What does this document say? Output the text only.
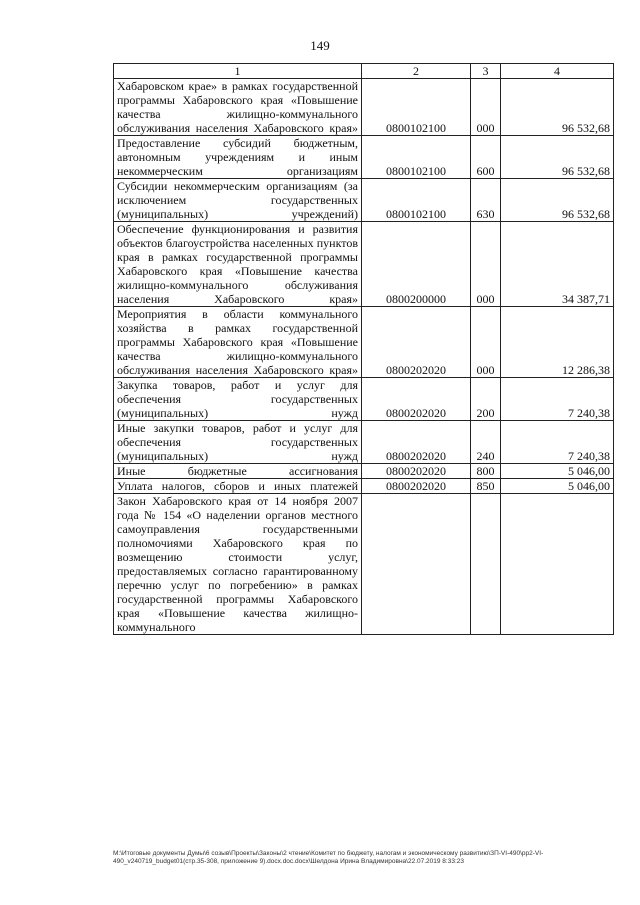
149
1	2	3	4
Хабаровском крае» в рамках государственной программы Хабаровского края «Повышение качества жилищно-коммунального обслуживания населения Хабаровского края»	0800102100	000	96 532,68
Предоставление субсидий бюджетным, автономным учреждениям и иным некоммерческим организациям	0800102100	600	96 532,68
Субсидии некоммерческим организациям (за исключением государственных (муниципальных) учреждений)	0800102100	630	96 532,68
Обеспечение функционирования и развития объектов благоустройства населенных пунктов края в рамках государственной программы Хабаровского края «Повышение качества жилищно-коммунального обслуживания населения Хабаровского края»	0800200000	000	34 387,71
Мероприятия в области коммунального хозяйства в рамках государственной программы Хабаровского края «Повышение качества жилищно-коммунального обслуживания населения Хабаровского края»	0800202020	000	12 286,38
Закупка товаров, работ и услуг для обеспечения государственных (муниципальных) нужд	0800202020	200	7 240,38
Иные закупки товаров, работ и услуг для обеспечения государственных (муниципальных) нужд	0800202020	240	7 240,38
Иные бюджетные ассигнования	0800202020	800	5 046,00
Уплата налогов, сборов и иных платежей	0800202020	850	5 046,00
Закон Хабаровского края от 14 ноября 2007 года № 154 «О наделении органов местного самоуправления государственными полномочиями Хабаровского края по возмещению стоимости услуг, предоставляемых согласно гарантированному перечню услуг по погребению» в рамках государственной программы Хабаровского края «Повышение качества жилищно-коммунального			
M:\Итоговые документы Думы\6 созыв\Проекты\Законы\2 чтение\Комитет по бюджету, налогам и экономическому развитию\ЗП-VI-490\рр2-VI-490_v240719_budget01(стр.35-308, приложение 9).docx.doc.docx\Шелдона Ирина Владимировна\22.07.2019 8:33:23
